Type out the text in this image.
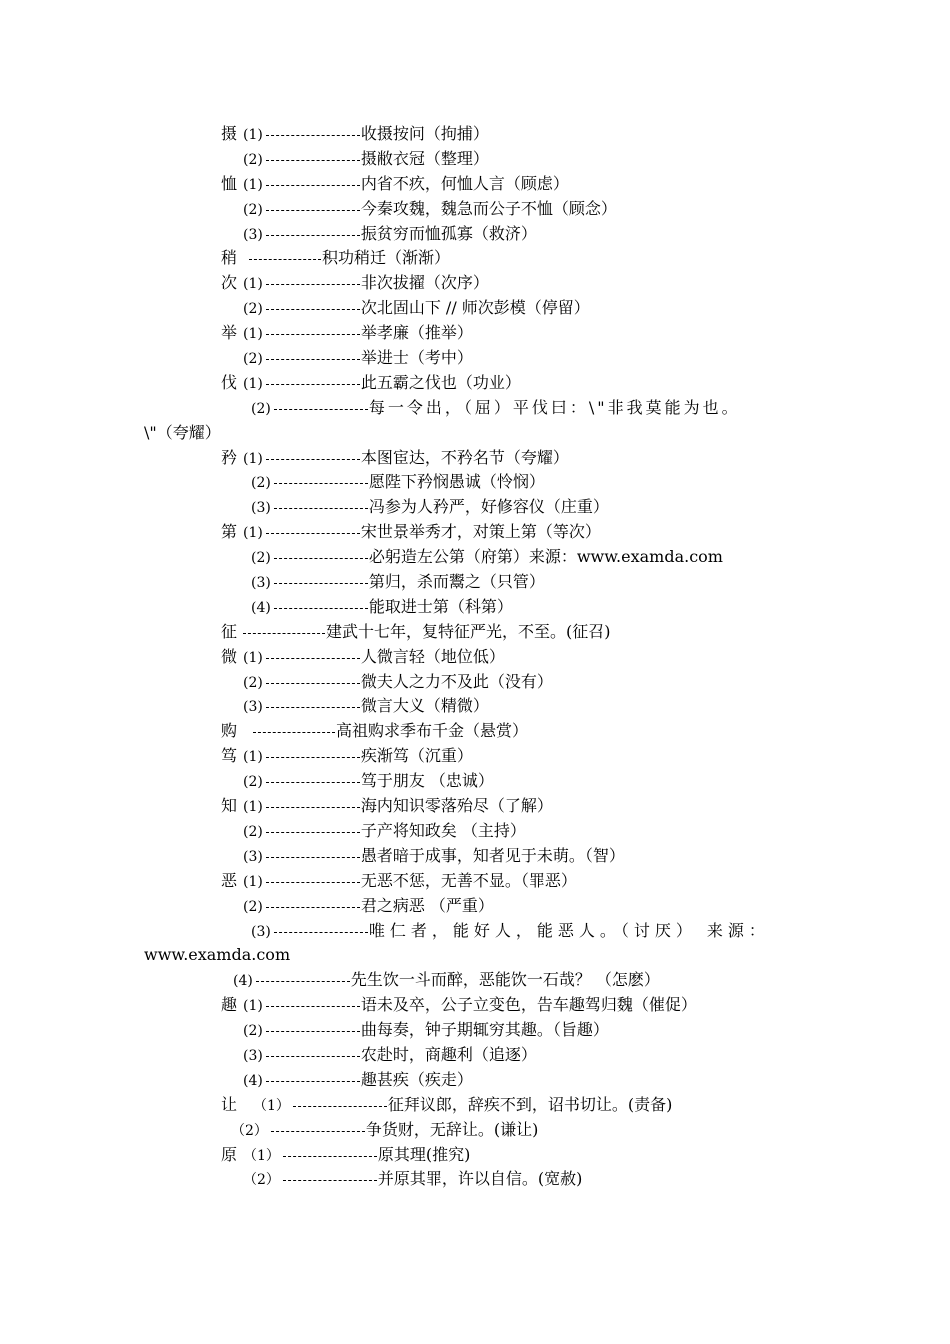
摄 (1)	收摄按问（拘捕）
(2)	摄敝衣冠（整理）
恤 (1)	内省不疚，何恤人言（顾虑）
(2)	今秦攻魏，魏急而公子不恤（顾念）
(3)	振贫穷而恤孤寡（救济）
稍	积功稍迁（渐渐）
次 (1)	非次拔擢（次序）
(2)	次北固山下 // 师次彭模（停留）
举 (1)	举孝廉（推举）
(2)	举进士（考中）
伐 (1)	此五霸之伐也（功业）
(2)	每一令出，（屈）平伐曰：\"非我莫能为也。
\"（夸耀）
矜 (1)	本图宦达，不矜名节（夸耀）
(2)	愿陛下矜悯愚诚（怜悯）
(3)	冯参为人矜严，好修容仪（庄重）
第 (1)	宋世景举秀才，对策上第（等次）
(2)	必躬造左公第（府第）来源：www.examda.com
(3)	第归，杀而鬻之（只管）
(4)	能取进士第（科第）
征	建武十七年，复特征严光，不至。(征召)
微 (1)	人微言轻（地位低）
(2)	微夫人之力不及此（没有）
(3)	微言大义（精微）
购	高祖购求季布千金（悬赏）
笃 (1)	疾渐笃（沉重）
(2)	笃于朋友 （忠诚）
知 (1)	海内知识零落殆尽（了解）
(2)	子产将知政矣 （主持）
(3)	愚者暗于成事，知者见于未萌。（智）
恶 (1)	无恶不惩，无善不显。（罪恶）
(2)	君之病恶 （严重）
(3)	唯仁者，能好人，能恶人。（讨厌） 来源：
www.examda.com
(4)	先生饮一斗而醉，恶能饮一石哉？ （怎麽）
趣 (1)	语未及卒，公子立变色，告车趣驾归魏（催促）
(2)	曲每奏，钟子期辄穷其趣。（旨趣）
(3)	农赴时，商趣利（追逐）
(4)	趣甚疾（疾走）
让 （1）	征拜议郎，辞疾不到，诏书切让。(责备)
（2）	争货财，无辞让。(谦让)
原 （1）	原其理(推究)
（2）	并原其罪，许以自信。(宽赦)
